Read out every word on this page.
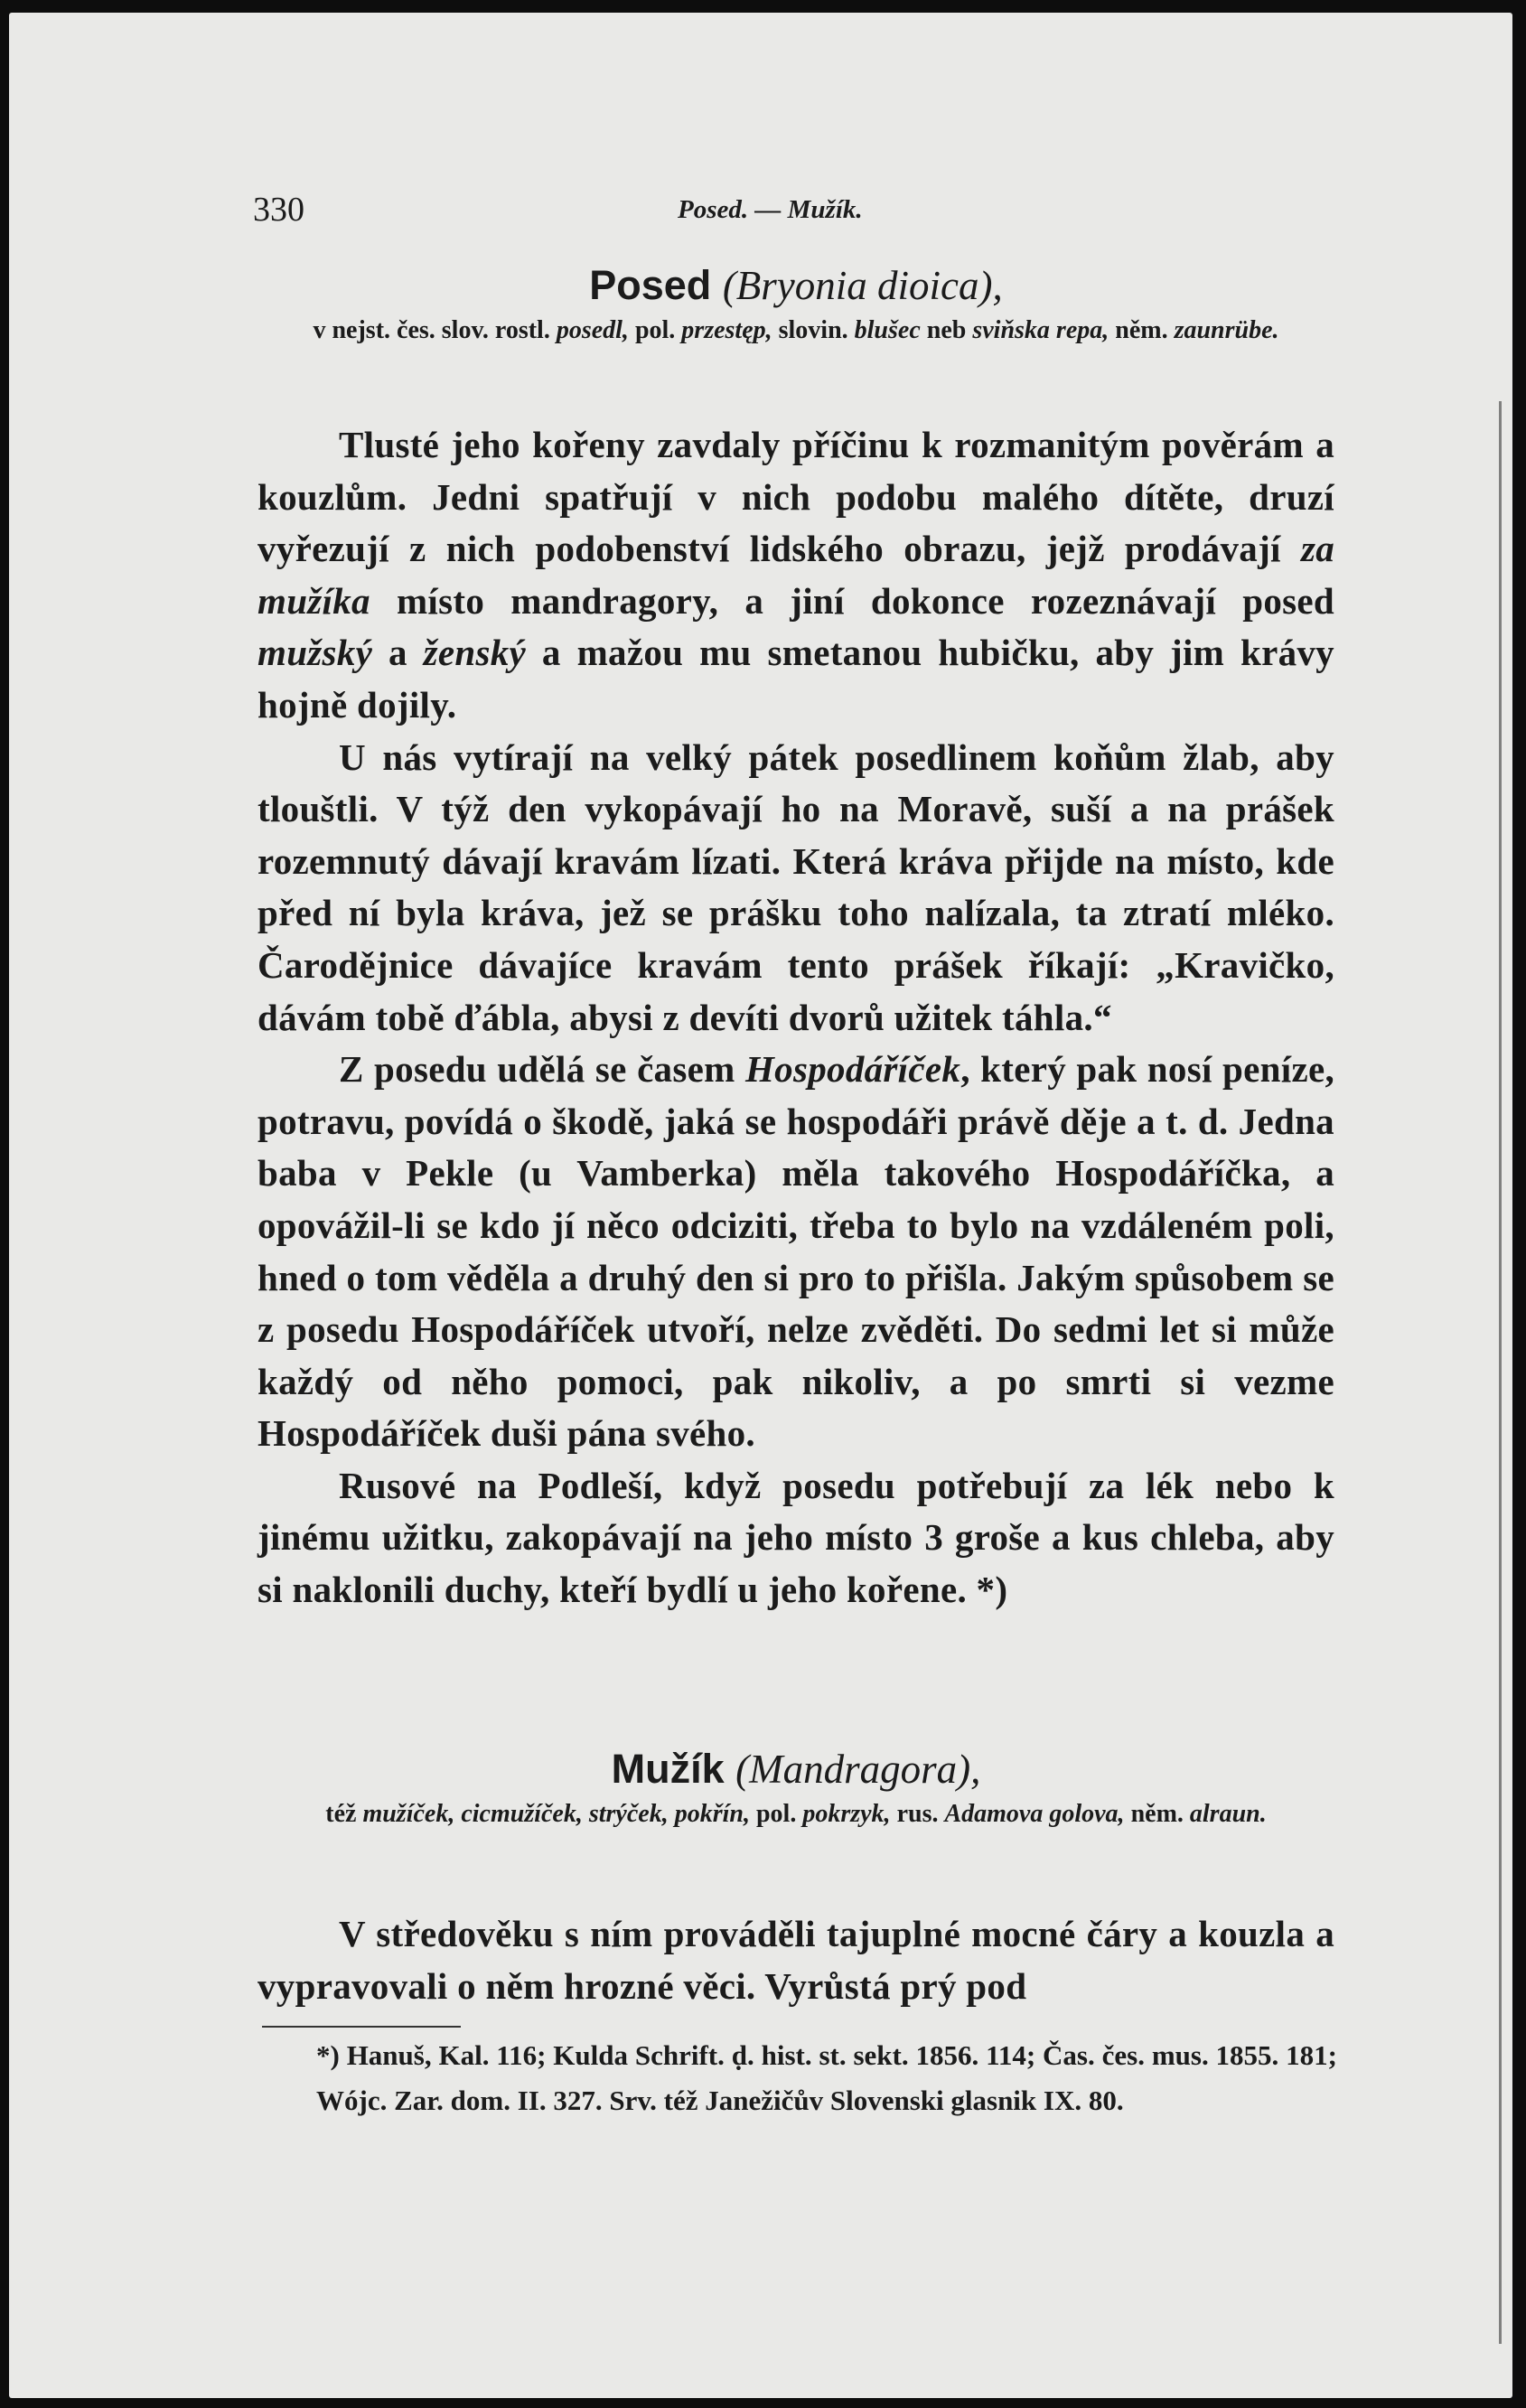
330	Posed. — Mužík.
Posed (Bryonia dioica),
v nejst. čes. slov. rostl. posedl, pol. przestęp, slovin. blušec neb sviňska repa, něm. zaunrübe.

Tlusté jeho kořeny zavdaly příčinu k rozmanitým pověrám a kouzlům. Jedni spatřují v nich podobu malého dítěte, druzí vyřezují z nich podobenství lidského obrazu, jejž prodávají za mužíka místo mandragory, a jiní dokonce rozeznávají posed mužský a ženský a mažou mu smetanou hubičku, aby jim krávy hojně dojily.

U nás vytírají na velký pátek posedlinem koňům žlab, aby tlouštli. V týž den vykopávají ho na Moravě, suší a na prášek rozemnutý dávají kravám lízati. Která kráva přijde na místo, kde před ní byla kráva, jež se prášku toho nalízala, ta ztratí mléko. Čarodějnice dávajíce kravám tento prášek říkají: „Kravičko, dávám tobě ďábla, abysi z devíti dvorů užitek táhla.“

Z posedu udělá se časem Hospodáříček, který pak nosí peníze, potravu, povídá o škodě, jaká se hospodáři právě děje a t. d. Jedna baba v Pekle (u Vamberka) měla takového Hospodáříčka, a opovážil-li se kdo jí něco odciziti, třeba to bylo na vzdáleném poli, hned o tom věděla a druhý den si pro to přišla. Jakým spůsobem se z posedu Hospodáříček utvoří, nelze zvěděti. Do sedmi let si může každý od něho pomoci, pak nikoliv, a po smrti si vezme Hospodáříček duši pána svého.

Rusové na Podleší, když posedu potřebují za lék nebo k jinému užitku, zakopávají na jeho místo 3 groše a kus chleba, aby si naklonili duchy, kteří bydlí u jeho kořene. *)

Mužík (Mandragora),
též mužíček, cicmužíček, strýček, pokřín, pol. pokrzyk, rus. Adamova golova, něm. alraun.

V středověku s ním prováděli tajuplné mocné čáry a kouzla a vypravovali o něm hrozné věci. Vyrůstá prý pod

*) Hanuš, Kal. 116; Kulda Schrift. ḍ. hist. st. sekt. 1856. 114; Čas. čes. mus. 1855. 181; Wójc. Zar. dom. II. 327. Srv. též Janežičův Slovenski glasnik IX. 80.
